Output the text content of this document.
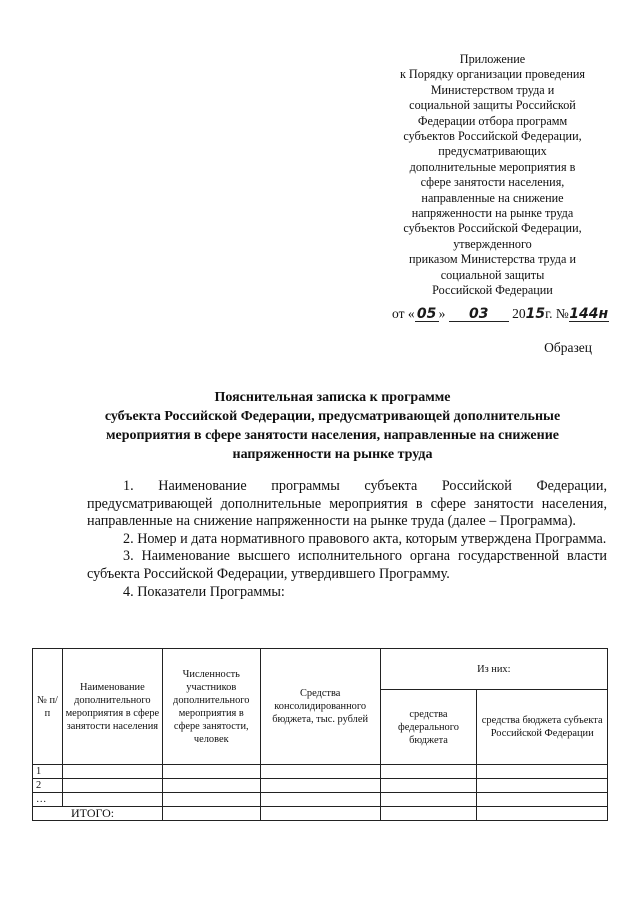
Приложение
к Порядку организации проведения
Министерством труда и
социальной защиты Российской
Федерации отбора программ
субъектов Российской Федерации,
предусматривающих
дополнительные мероприятия в
сфере занятости населения,
направленные на снижение
напряженности на рынке труда
субъектов Российской Федерации,
утвержденного
приказом Министерства труда и
социальной защиты
Российской Федерации
от « 05 » 03 2015г. №144н
Образец
Пояснительная записка к программе
субъекта Российской Федерации, предусматривающей дополнительные
мероприятия в сфере занятости населения, направленные на снижение
напряженности на рынке труда

1. Наименование программы субъекта Российской Федерации, предусматривающей дополнительные мероприятия в сфере занятости населения, направленные на снижение напряженности на рынке труда (далее – Программа).

2. Номер и дата нормативного правового акта, которым утверждена Программа.

3. Наименование высшего исполнительного органа государственной власти субъекта Российской Федерации, утвердившего Программу.

4. Показатели Программы:

№ п/п	Наименование дополнительного мероприятия в сфере занятости населения	Численность участников дополнительного мероприятия в сфере занятости, человек	Средства консолидированного бюджета, тыс. рублей	Из них:	
				средства федерального бюджета	средства бюджета субъекта Российской Федерации
1					
2					
…					
ИТОГО:					
